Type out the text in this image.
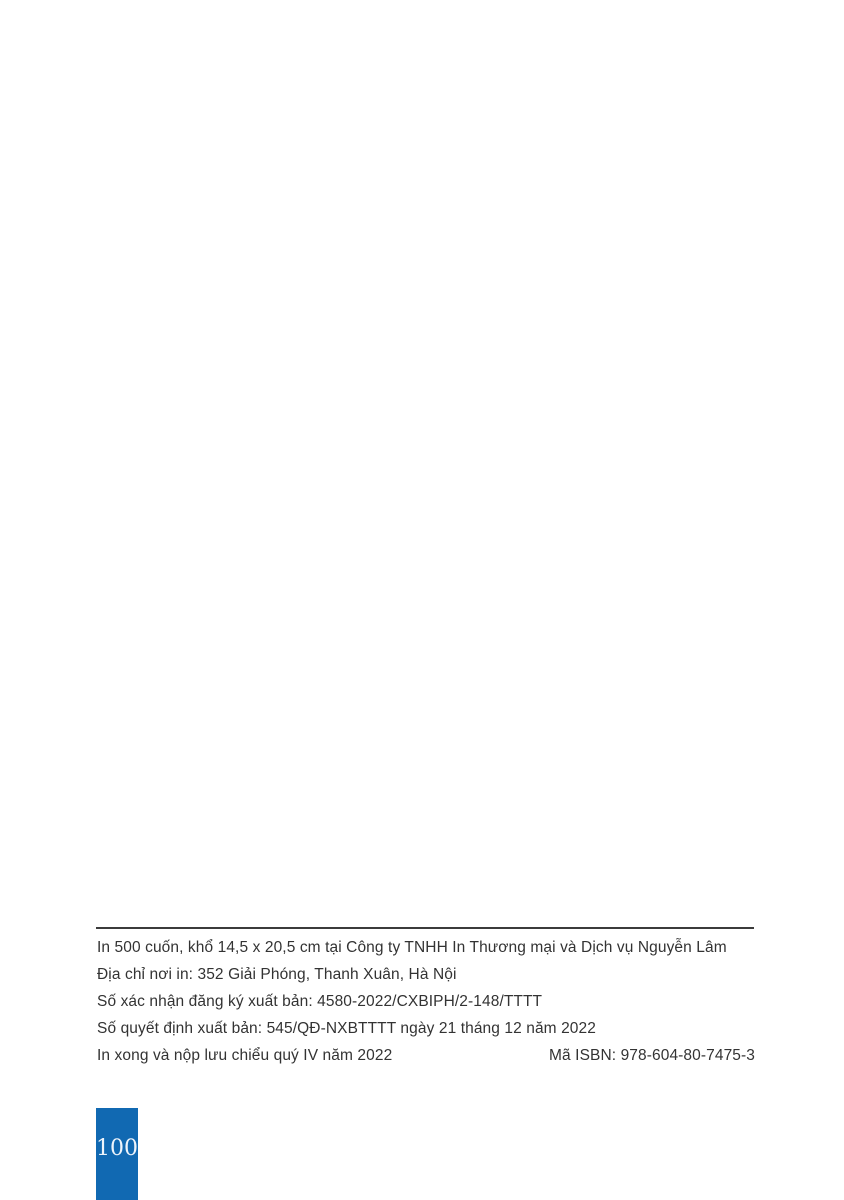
In 500 cuốn, khổ 14,5 x 20,5 cm tại Công ty TNHH In Thương mại và Dịch vụ Nguyễn Lâm
Địa chỉ nơi in: 352 Giải Phóng, Thanh Xuân, Hà Nội
Số xác nhận đăng ký xuất bản: 4580-2022/CXBIPH/2-148/TTTT
Số quyết định xuất bản: 545/QĐ-NXBTTTT ngày 21 tháng 12 năm 2022
In xong và nộp lưu chiểu quý IV năm 2022	Mã ISBN: 978-604-80-7475-3
100
